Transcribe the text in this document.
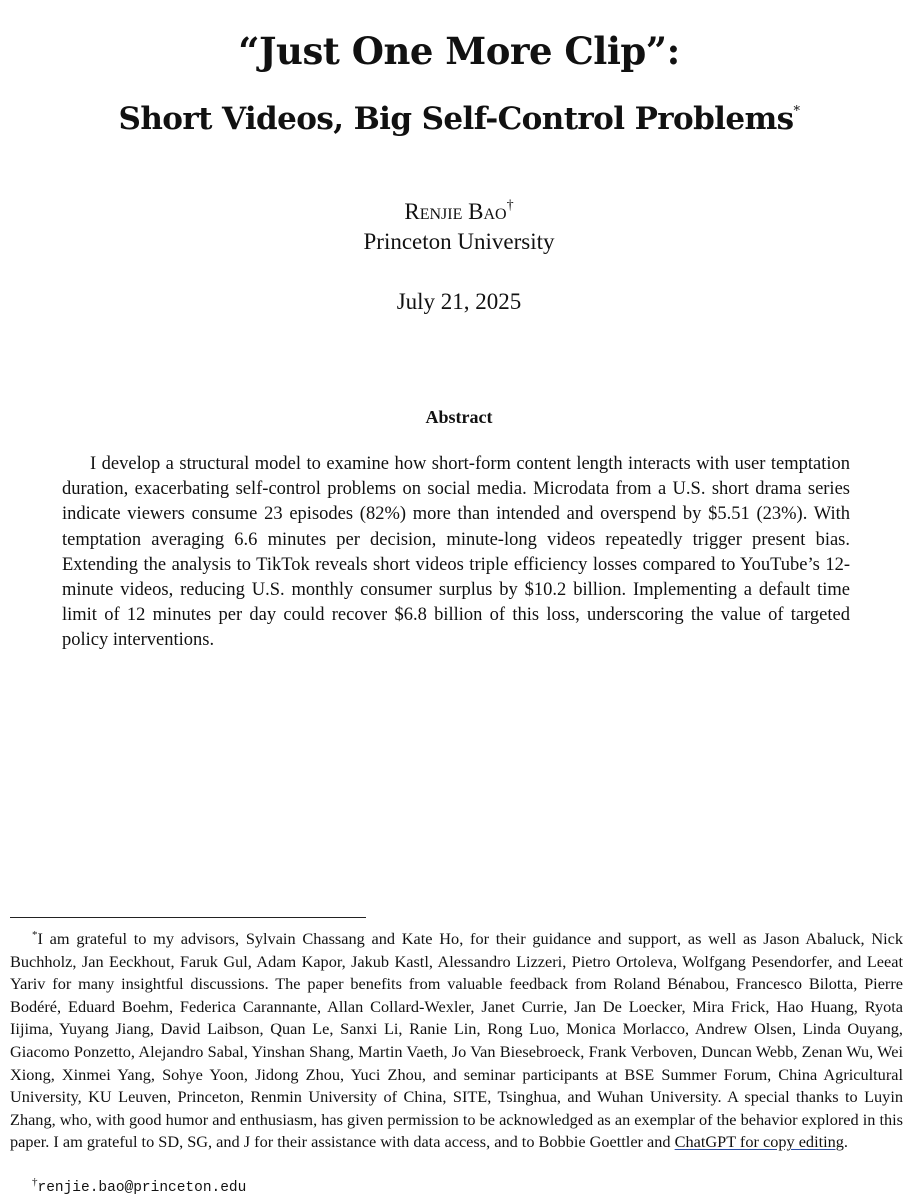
“Just One More Clip”:
Short Videos, Big Self-Control Problems*
Renjie Bao†
Princeton University
July 21, 2025
Abstract
I develop a structural model to examine how short-form content length interacts with user temptation duration, exacerbating self-control problems on social media. Microdata from a U.S. short drama series indicate viewers consume 23 episodes (82%) more than intended and overspend by $5.51 (23%). With temptation averaging 6.6 minutes per decision, minute-long videos repeatedly trigger present bias. Extending the analysis to TikTok reveals short videos triple efficiency losses compared to YouTube’s 12-minute videos, reducing U.S. monthly consumer surplus by $10.2 billion. Implementing a default time limit of 12 minutes per day could recover $6.8 billion of this loss, underscoring the value of targeted policy interventions.
*I am grateful to my advisors, Sylvain Chassang and Kate Ho, for their guidance and support, as well as Jason Abaluck, Nick Buchholz, Jan Eeckhout, Faruk Gul, Adam Kapor, Jakub Kastl, Alessandro Lizzeri, Pietro Ortoleva, Wolfgang Pesendorfer, and Leeat Yariv for many insightful discussions. The paper benefits from valuable feedback from Roland Bénabou, Francesco Bilotta, Pierre Bodéré, Eduard Boehm, Federica Carannante, Allan Collard-Wexler, Janet Currie, Jan De Loecker, Mira Frick, Hao Huang, Ryota Iijima, Yuyang Jiang, David Laibson, Quan Le, Sanxi Li, Ranie Lin, Rong Luo, Monica Morlacco, Andrew Olsen, Linda Ouyang, Giacomo Ponzetto, Alejandro Sabal, Yinshan Shang, Martin Vaeth, Jo Van Biesebroeck, Frank Verboven, Duncan Webb, Zenan Wu, Wei Xiong, Xinmei Yang, Sohye Yoon, Jidong Zhou, Yuci Zhou, and seminar participants at BSE Summer Forum, China Agricultural University, KU Leuven, Princeton, Renmin University of China, SITE, Tsinghua, and Wuhan University. A special thanks to Luyin Zhang, who, with good humor and enthusiasm, has given permission to be acknowledged as an exemplar of the behavior explored in this paper. I am grateful to SD, SG, and J for their assistance with data access, and to Bobbie Goettler and ChatGPT for copy editing.
†renjie.bao@princeton.edu
